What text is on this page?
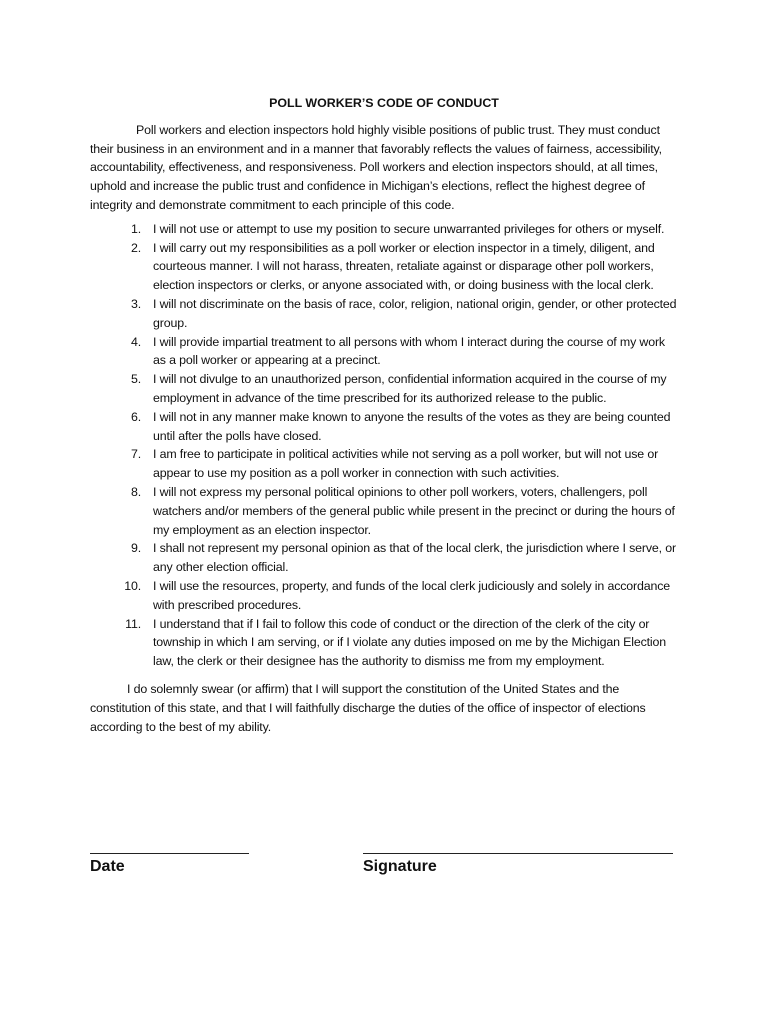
POLL WORKER’S CODE OF CONDUCT

Poll workers and election inspectors hold highly visible positions of public trust. They must conduct their business in an environment and in a manner that favorably reflects the values of fairness, accessibility, accountability, effectiveness, and responsiveness. Poll workers and election inspectors should, at all times, uphold and increase the public trust and confidence in Michigan’s elections, reflect the highest degree of integrity and demonstrate commitment to each principle of this code.

1. I will not use or attempt to use my position to secure unwarranted privileges for others or myself.
2. I will carry out my responsibilities as a poll worker or election inspector in a timely, diligent, and courteous manner. I will not harass, threaten, retaliate against or disparage other poll workers, election inspectors or clerks, or anyone associated with, or doing business with the local clerk.
3. I will not discriminate on the basis of race, color, religion, national origin, gender, or other protected group.
4. I will provide impartial treatment to all persons with whom I interact during the course of my work as a poll worker or appearing at a precinct.
5. I will not divulge to an unauthorized person, confidential information acquired in the course of my employment in advance of the time prescribed for its authorized release to the public.
6. I will not in any manner make known to anyone the results of the votes as they are being counted until after the polls have closed.
7. I am free to participate in political activities while not serving as a poll worker, but will not use or appear to use my position as a poll worker in connection with such activities.
8. I will not express my personal political opinions to other poll workers, voters, challengers, poll watchers and/or members of the general public while present in the precinct or during the hours of my employment as an election inspector.
9. I shall not represent my personal opinion as that of the local clerk, the jurisdiction where I serve, or any other election official.
10. I will use the resources, property, and funds of the local clerk judiciously and solely in accordance with prescribed procedures.
11. I understand that if I fail to follow this code of conduct or the direction of the clerk of the city or township in which I am serving, or if I violate any duties imposed on me by the Michigan Election law, the clerk or their designee has the authority to dismiss me from my employment.

I do solemnly swear (or affirm) that I will support the constitution of the United States and the constitution of this state, and that I will faithfully discharge the duties of the office of inspector of elections according to the best of my ability.

Date	Signature
